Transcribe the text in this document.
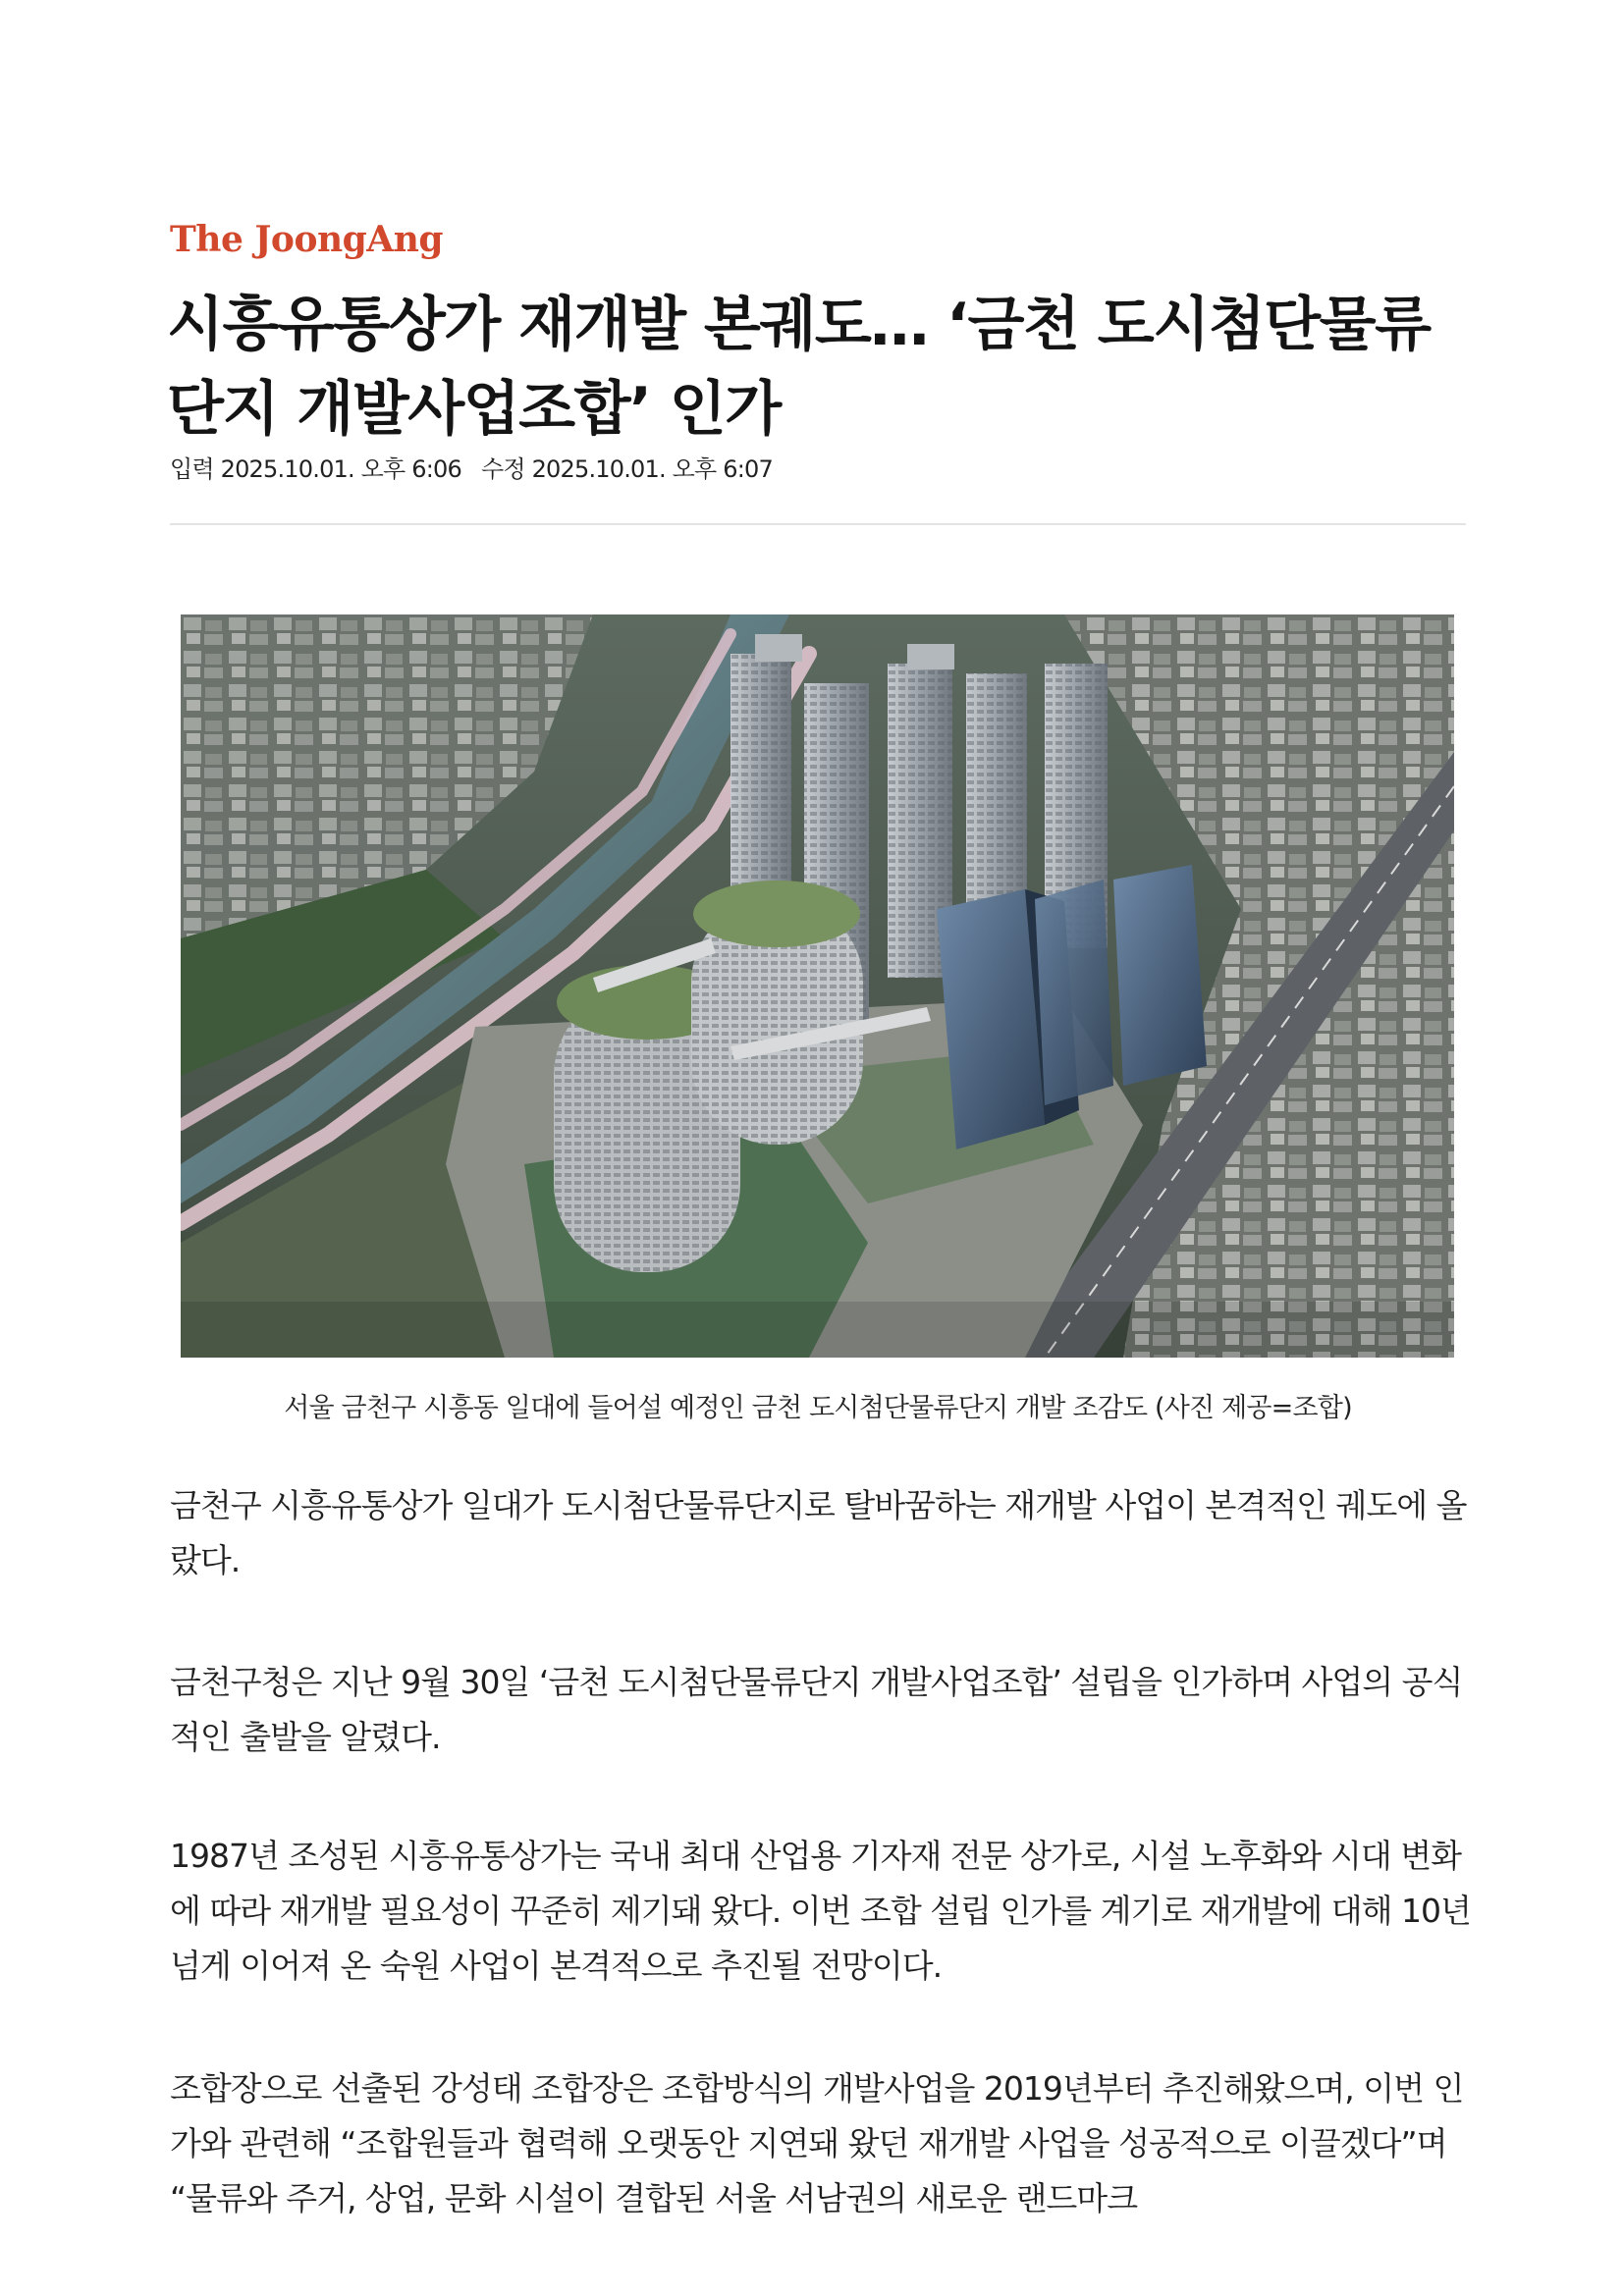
The JoongAng
시흥유통상가 재개발 본궤도… ‘금천 도시첨단물류단지 개발사업조합’ 인가
입력 2025.10.01. 오후 6:06 수정 2025.10.01. 오후 6:07
서울 금천구 시흥동 일대에 들어설 예정인 금천 도시첨단물류단지 개발 조감도 (사진 제공=조합)

금천구 시흥유통상가 일대가 도시첨단물류단지로 탈바꿈하는 재개발 사업이 본격적인 궤도에 올랐다.

금천구청은 지난 9월 30일 ‘금천 도시첨단물류단지 개발사업조합’ 설립을 인가하며 사업의 공식적인 출발을 알렸다.

1987년 조성된 시흥유통상가는 국내 최대 산업용 기자재 전문 상가로, 시설 노후화와 시대 변화에 따라 재개발 필요성이 꾸준히 제기돼 왔다. 이번 조합 설립 인가를 계기로 재개발에 대해 10년 넘게 이어져 온 숙원 사업이 본격적으로 추진될 전망이다.

조합장으로 선출된 강성태 조합장은 조합방식의 개발사업을 2019년부터 추진해왔으며, 이번 인가와 관련해 “조합원들과 협력해 오랫동안 지연돼 왔던 재개발 사업을 성공적으로 이끌겠다”며 “물류와 주거, 상업, 문화 시설이 결합된 서울 서남권의 새로운 랜드마크
